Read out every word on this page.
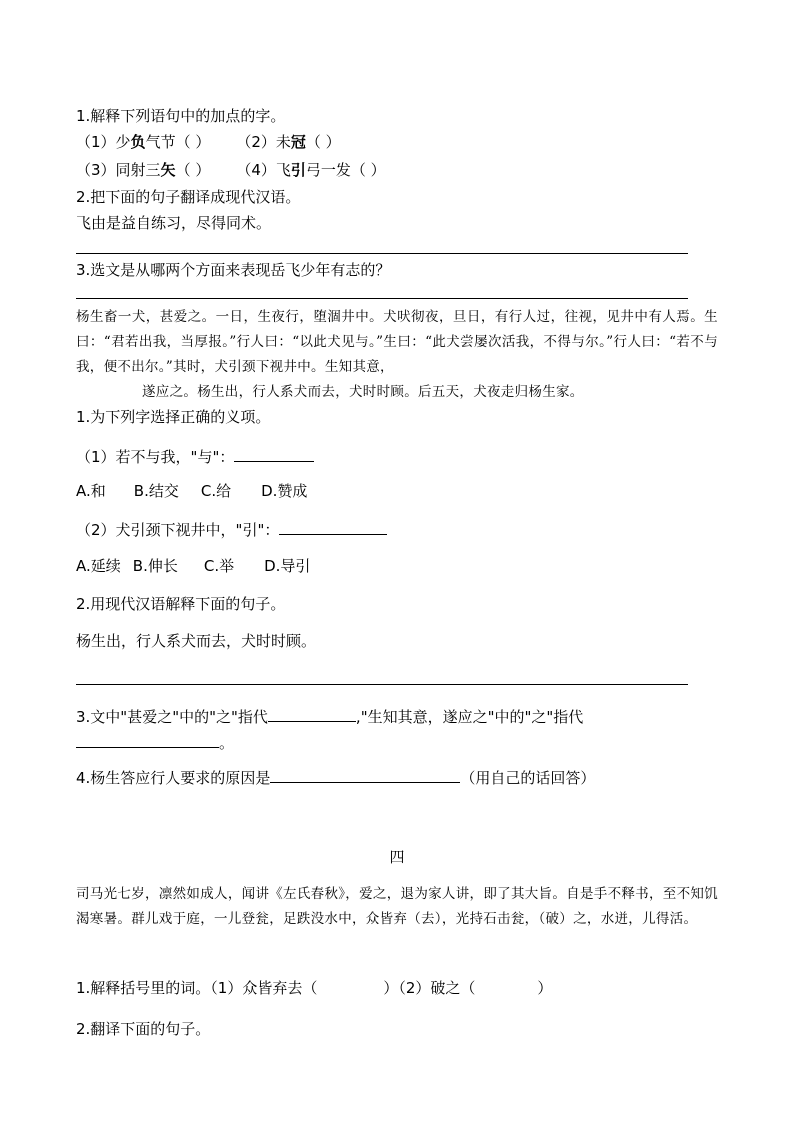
1.解释下列语句中的加点的字。
（1）少负气节（ ） （2）未冠（ ）
（3）同射三矢（ ） （4）飞引弓一发（ ）
2.把下面的句子翻译成现代汉语。
飞由是益自练习，尽得同术。
3.选文是从哪两个方面来表现岳飞少年有志的？
杨生畜一犬，甚爱之。一日，生夜行，堕涸井中。犬吠彻夜，旦日，有行人过，往视，见井中有人焉。生曰：“君若出我，当厚报。”行人曰：“以此犬见与。”生曰：“此犬尝屡次活我，不得与尔。”行人曰：“若不与我，便不出尔。”其时，犬引颈下视井中。生知其意，
遂应之。杨生出，行人系犬而去，犬时时顾。后五天，犬夜走归杨生家。
1.为下列字选择正确的义项。
（1）若不与我，"与"：
A.和 B.结交 C.给 D.赞成
（2）犬引颈下视井中，"引"：
A.延续 B.伸长 C.举 D.导引
2.用现代汉语解释下面的句子。
杨生出，行人系犬而去，犬时时顾。
3.文中"甚爱之"中的"之"指代	,"生知其意，遂应之"中的"之"指代
。
4.杨生答应行人要求的原因是	（用自己的话回答）
四
司马光七岁，凛然如成人，闻讲《左氏春秋》，爱之，退为家人讲，即了其大旨。自是手不释书，至不知饥渴寒暑。群儿戏于庭，一儿登瓮，足跌没水中，众皆弃（去），光持石击瓮，（破）之，水迸，儿得活。
1.解释括号里的词。（1）众皆弃去（	）（2）破之（	）
2.翻译下面的句子。
